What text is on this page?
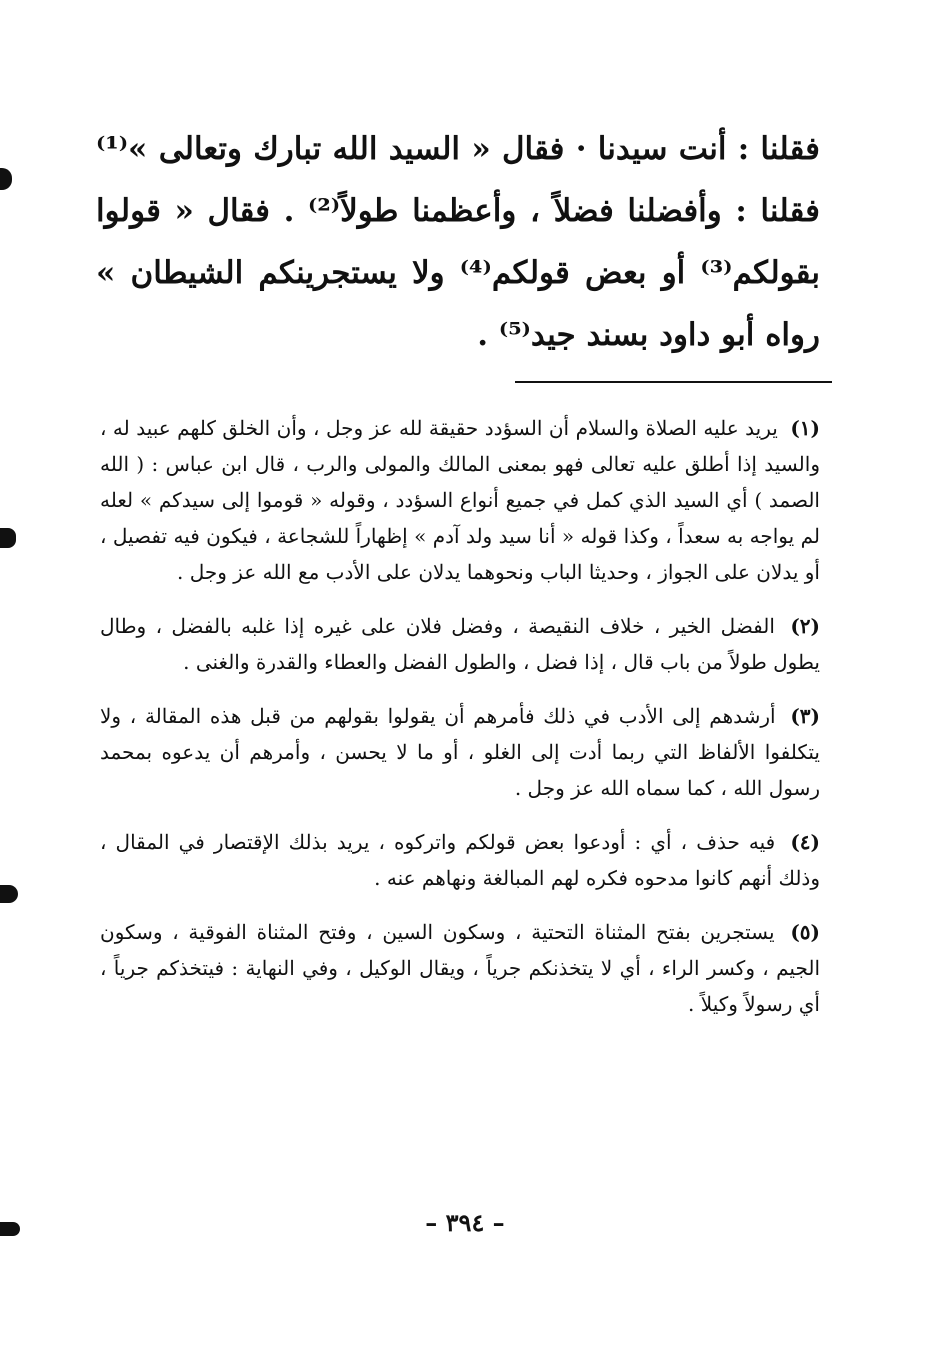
فقلنا : أنت سيدنا · فقال « السيد الله تبارك وتعالى »⁽¹⁾ فقلنا : وأفضلنا فضلاً ، وأعظمنا طولاً⁽²⁾ . فقال « قولوا بقولكم⁽³⁾ أو بعض قولكم⁽⁴⁾ ولا يستجرينكم الشيطان » رواه أبو داود بسند جيد⁽⁵⁾ .

(١) يريد عليه الصلاة والسلام أن السؤدد حقيقة لله عز وجل ، وأن الخلق كلهم عبيد له ، والسيد إذا أطلق عليه تعالى فهو بمعنى المالك والمولى والرب ، قال ابن عباس : ( الله الصمد ) أي السيد الذي كمل في جميع أنواع السؤدد ، وقوله « قوموا إلى سيدكم » لعله لم يواجه به سعداً ، وكذا قوله « أنا سيد ولد آدم » إظهاراً للشجاعة ، فيكون فيه تفصيل ، أو يدلان على الجواز ، وحديثا الباب ونحوهما يدلان على الأدب مع الله عز وجل .

(٢) الفضل الخير ، خلاف النقيصة ، وفضل فلان على غيره إذا غلبه بالفضل ، وطال يطول طولاً من باب قال ، إذا فضل ، والطول الفضل والعطاء والقدرة والغنى .

(٣) أرشدهم إلى الأدب في ذلك فأمرهم أن يقولوا بقولهم من قبل هذه المقالة ، ولا يتكلفوا الألفاظ التي ربما أدت إلى الغلو ، أو ما لا يحسن ، وأمرهم أن يدعوه بمحمد رسول الله ، كما سماه الله عز وجل .

(٤) فيه حذف ، أي : أودعوا بعض قولكم واتركوه ، يريد بذلك الإقتصار في المقال ، وذلك أنهم كانوا مدحوه فكره لهم المبالغة ونهاهم عنه .

(٥) يستجرين بفتح المثناة التحتية ، وسكون السين ، وفتح المثناة الفوقية ، وسكون الجيم ، وكسر الراء ، أي لا يتخذنكم جرياً ، ويقال الوكيل ، وفي النهاية : فيتخذكم جرياً ، أي رسولاً وكيلاً .

– ٣٩٤ –
